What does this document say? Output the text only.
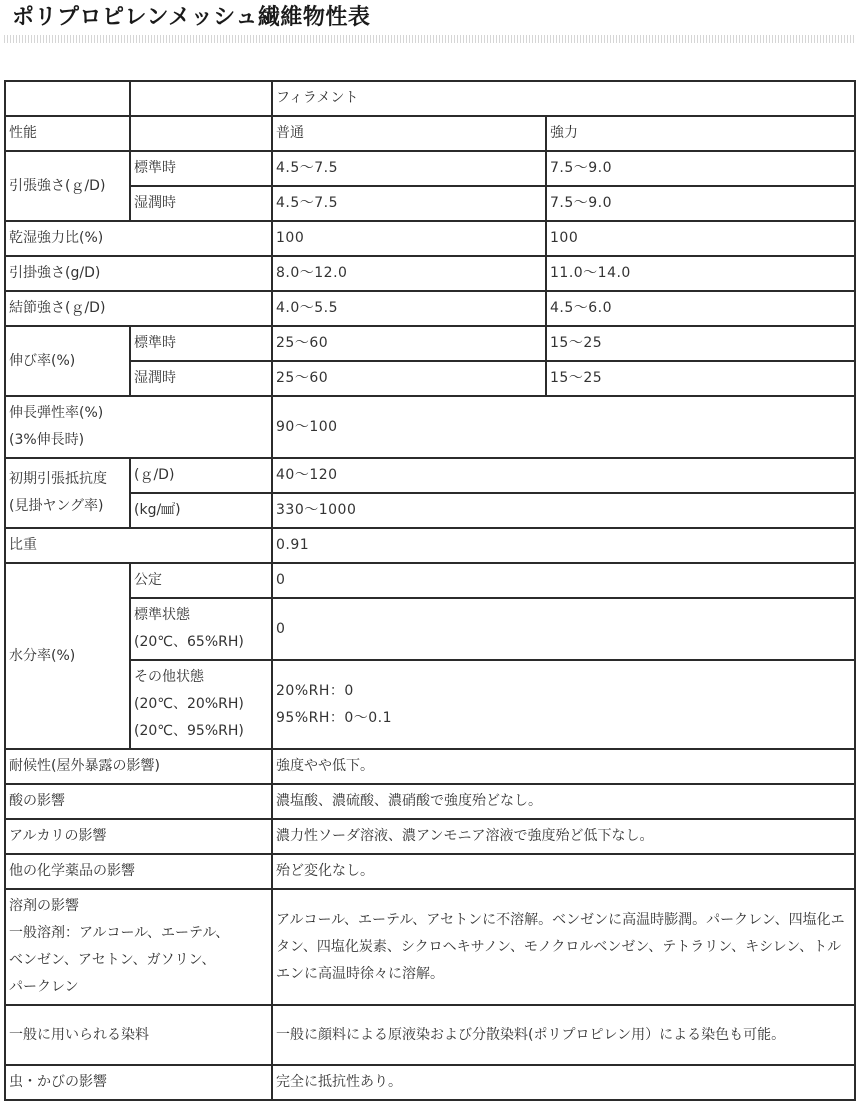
ポリプロピレンメッシュ繊維物性表
		フィラメント	
性能		普通	強力
引張強さ(ｇ/D)	標準時	4.5～7.5	7.5～9.0
	湿潤時	4.5～7.5	7.5～9.0
乾湿強力比(%)		100	100
引掛強さ(g/D)		8.0～12.0	11.0～14.0
結節強さ(ｇ/D)		4.0～5.5	4.5～6.0
伸び率(%)	標準時	25～60	15～25
	湿潤時	25～60	15～25

伸長弾性率(%)
(3%伸長時)		90～100	

初期引張抵抗度
(見掛ヤング率)	(ｇ/D)	40～120	
	(kg/㎟)	330～1000	
比重		0.91	
水分率(%)	公定	0	

	標準状態
(20℃、65%RH)	0	

	その他状態
(20℃、20%RH)
(20℃、95%RH)	20%RH：0
95%RH：0～0.1	

耐候性(屋外暴露の影響)		強度やや低下。	
酸の影響		濃塩酸、濃硫酸、濃硝酸で強度殆どなし。	
アルカリの影響		濃力性ソーダ溶液、濃アンモニア溶液で強度殆ど低下なし。	
他の化学薬品の影響		殆ど変化なし。	

溶剤の影響
一般溶剤：アルコール、エーテル、
ベンゼン、アセトン、ガソリン、
パークレン		アルコール、エーテル、アセトンに不溶解。ベンゼンに高温時膨潤。パークレン、四塩化エタン、四塩化炭素、シクロヘキサノン、モノクロルベンゼン、テトラリン、キシレン、トルエンに高温時徐々に溶解。	
一般に用いられる染料		一般に顔料による原液染および分散染料(ポリプロピレン用）による染色も可能。	
虫・かびの影響		完全に抵抗性あり。	
